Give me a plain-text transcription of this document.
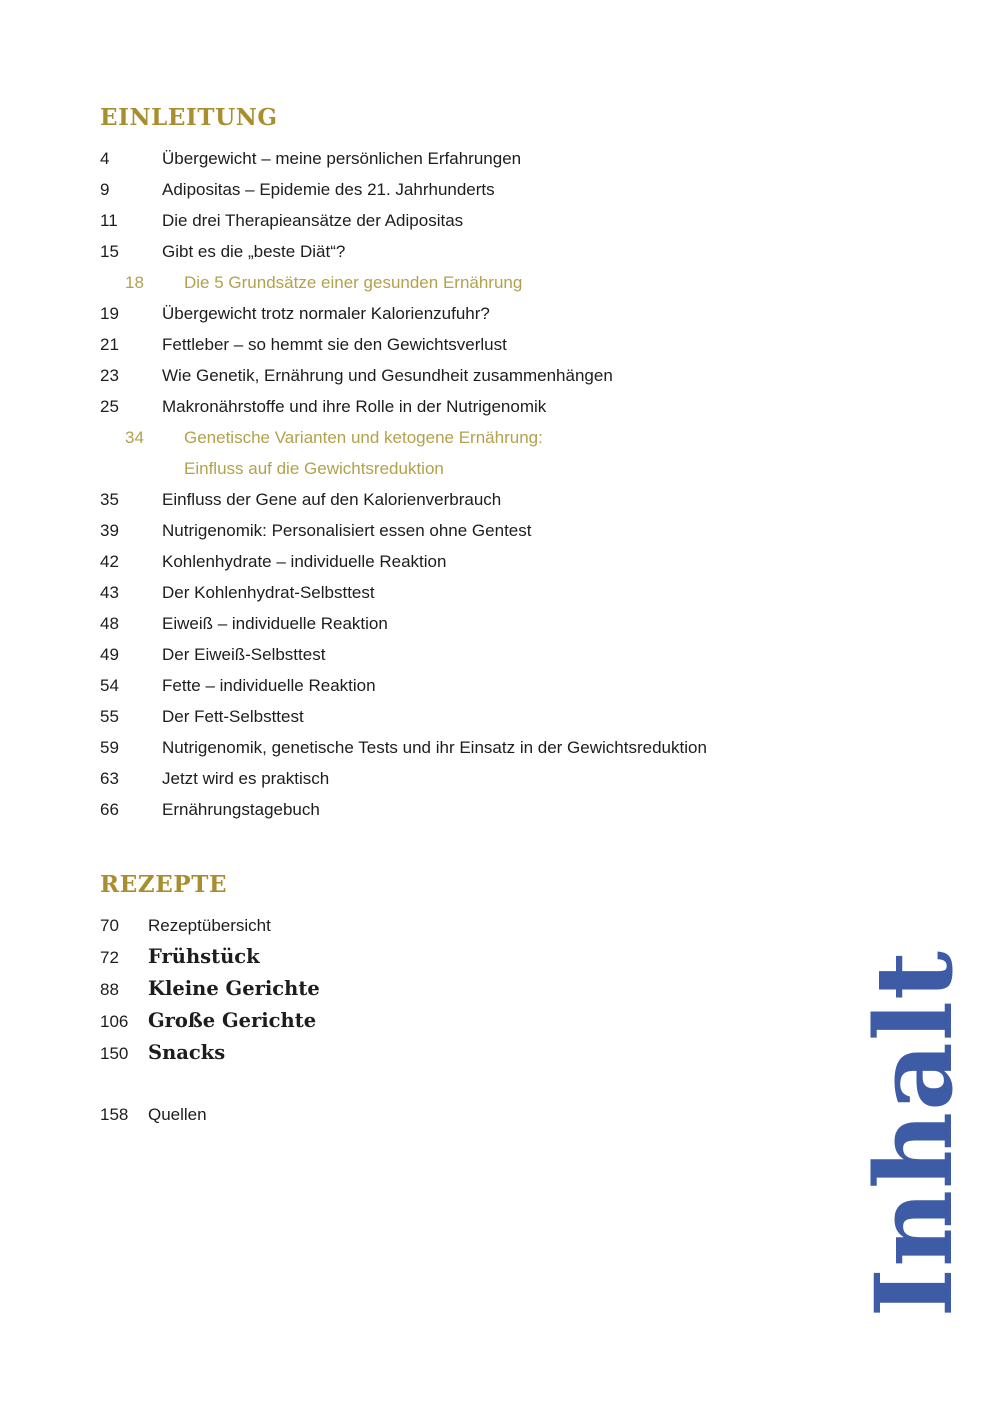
EINLEITUNG
4	Übergewicht – meine persönlichen Erfahrungen
9	Adipositas – Epidemie des 21. Jahrhunderts
11	Die drei Therapieansätze der Adipositas
15	Gibt es die „beste Diät“?
18	Die 5 Grundsätze einer gesunden Ernährung
19	Übergewicht trotz normaler Kalorienzufuhr?
21	Fettleber – so hemmt sie den Gewichtsverlust
23	Wie Genetik, Ernährung und Gesundheit zusammenhängen
25	Makronährstoffe und ihre Rolle in der Nutrigenomik
34	Genetische Varianten und ketogene Ernährung:
Einfluss auf die Gewichtsreduktion
35	Einfluss der Gene auf den Kalorienverbrauch
39	Nutrigenomik: Personalisiert essen ohne Gentest
42	Kohlenhydrate – individuelle Reaktion
43	Der Kohlenhydrat-Selbsttest
48	Eiweiß – individuelle Reaktion
49	Der Eiweiß-Selbsttest
54	Fette – individuelle Reaktion
55	Der Fett-Selbsttest
59	Nutrigenomik, genetische Tests und ihr Einsatz in der Gewichtsreduktion
63	Jetzt wird es praktisch
66	Ernährungstagebuch
REZEPTE
70	Rezeptübersicht
72	Frühstück
88	Kleine Gerichte
106	Große Gerichte
150	Snacks
158	Quellen	Inhalt
